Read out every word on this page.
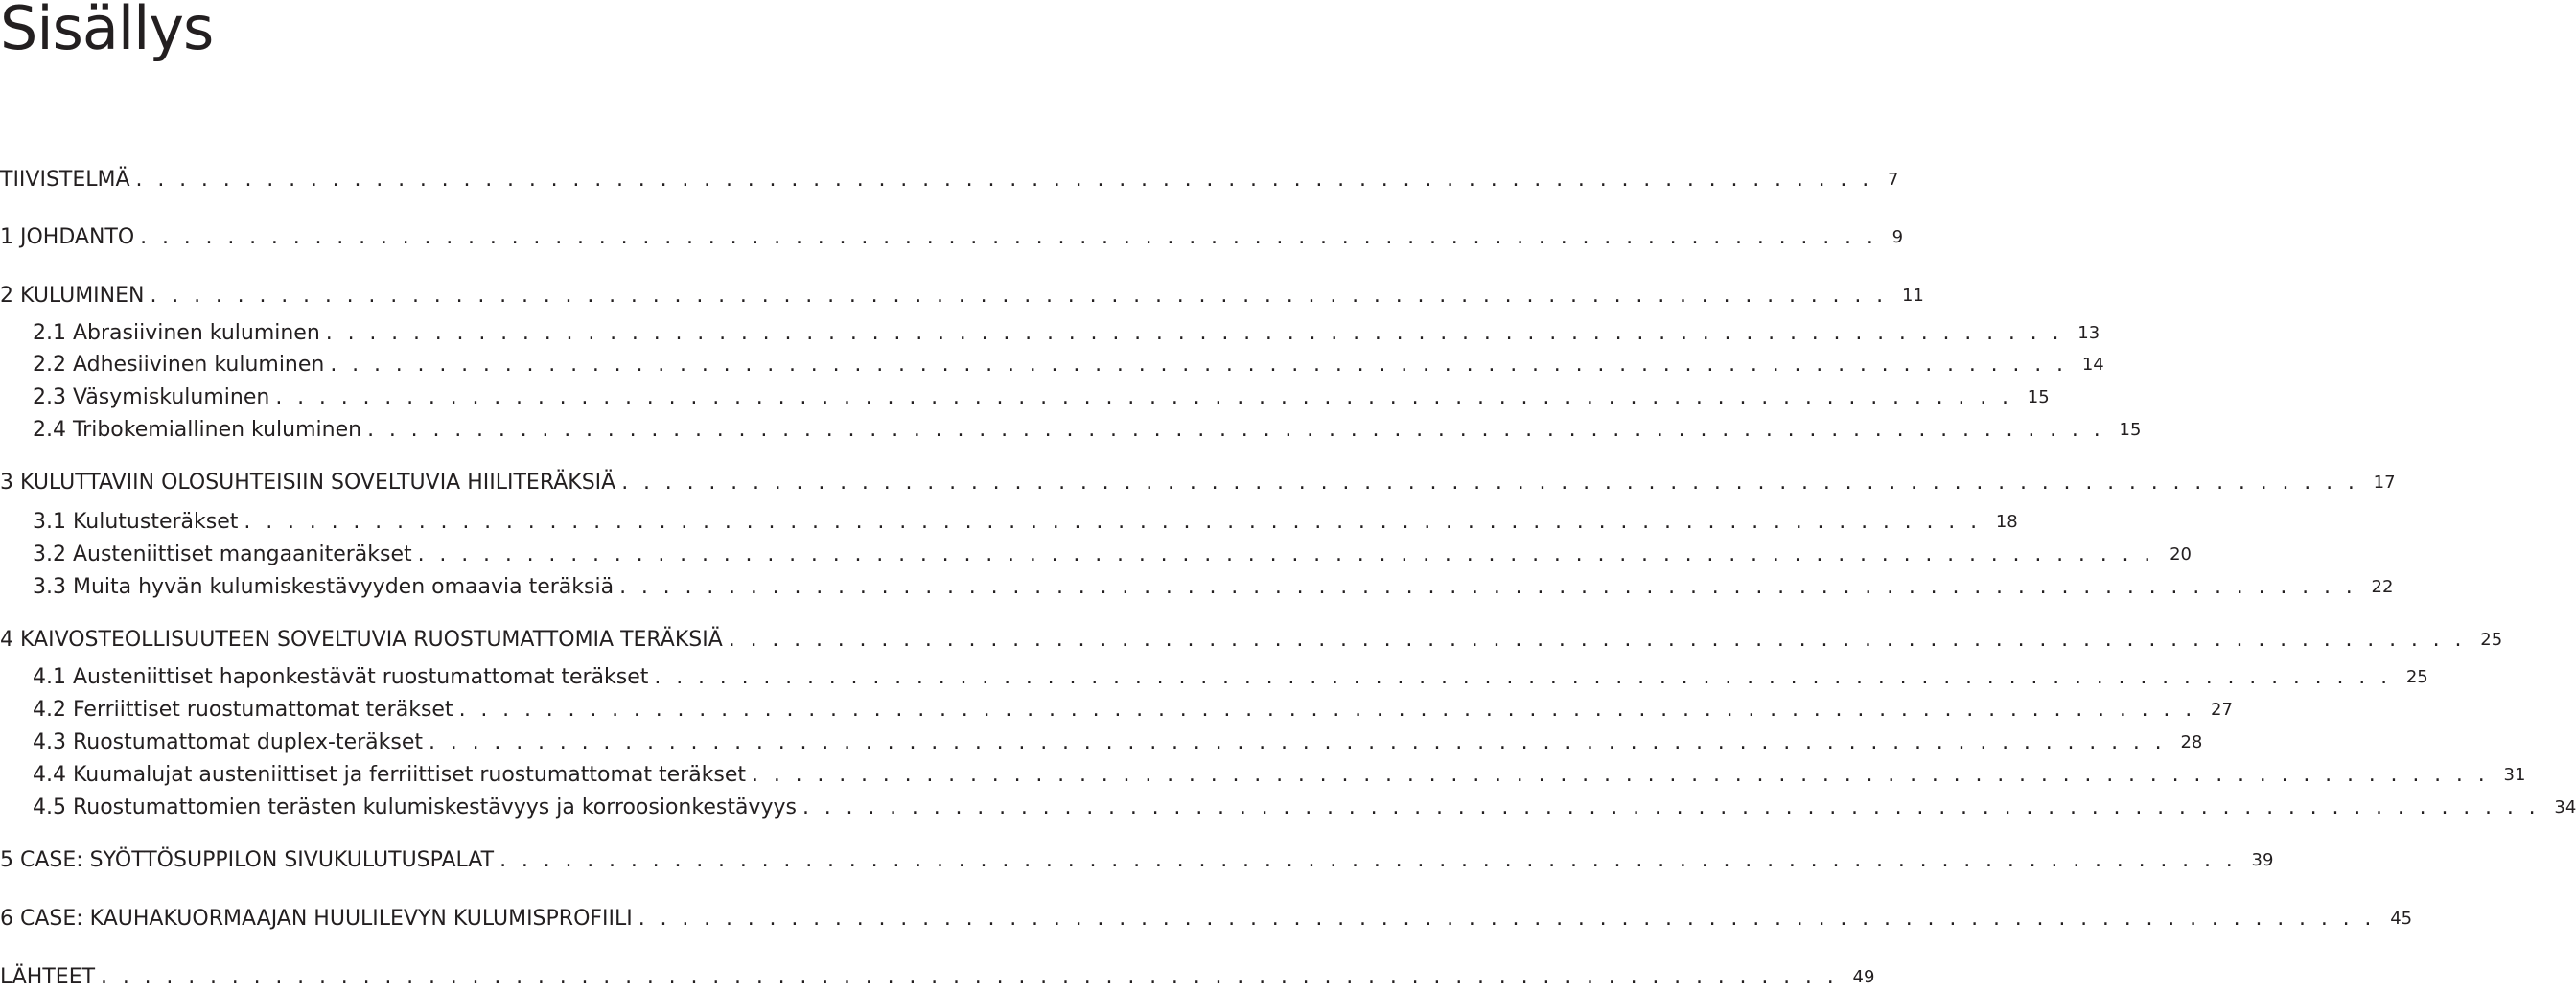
Sisällys
TIIVISTELMÄ ................................................................................ 7
1 JOHDANTO ................................................................................ 9
2 KULUMINEN ................................................................................ 11
2.1 Abrasiivinen kuluminen ................................................................................ 13
2.2 Adhesiivinen kuluminen ................................................................................ 14
2.3 Väsymiskuluminen ................................................................................ 15
2.4 Tribokemiallinen kuluminen ................................................................................ 15
3 KULUTTAVIIN OLOSUHTEISIIN SOVELTUVIA HIILITERÄKSIÄ ................................................................................ 17
3.1 Kulutusteräkset ................................................................................ 18
3.2 Austeniittiset mangaaniteräkset ................................................................................ 20
3.3 Muita hyvän kulumiskestävyyden omaavia teräksiä ................................................................................ 22
4 KAIVOSTEOLLISUUTEEN SOVELTUVIA RUOSTUMATTOMIA TERÄKSIÄ ................................................................................ 25
4.1 Austeniittiset haponkestävät ruostumattomat teräkset ................................................................................ 25
4.2 Ferriittiset ruostumattomat teräkset ................................................................................ 27
4.3 Ruostumattomat duplex-teräkset ................................................................................ 28
4.4 Kuumalujat austeniittiset ja ferriittiset ruostumattomat teräkset ................................................................................ 31
4.5 Ruostumattomien terästen kulumiskestävyys ja korroosionkestävyys ................................................................................ 34
5 CASE: SYÖTTÖSUPPILON SIVUKULUTUSPALAT ................................................................................ 39
6 CASE: KAUHAKUORMAAJAN HUULILEVYN KULUMISPROFIILI ................................................................................ 45
LÄHTEET ................................................................................ 49
